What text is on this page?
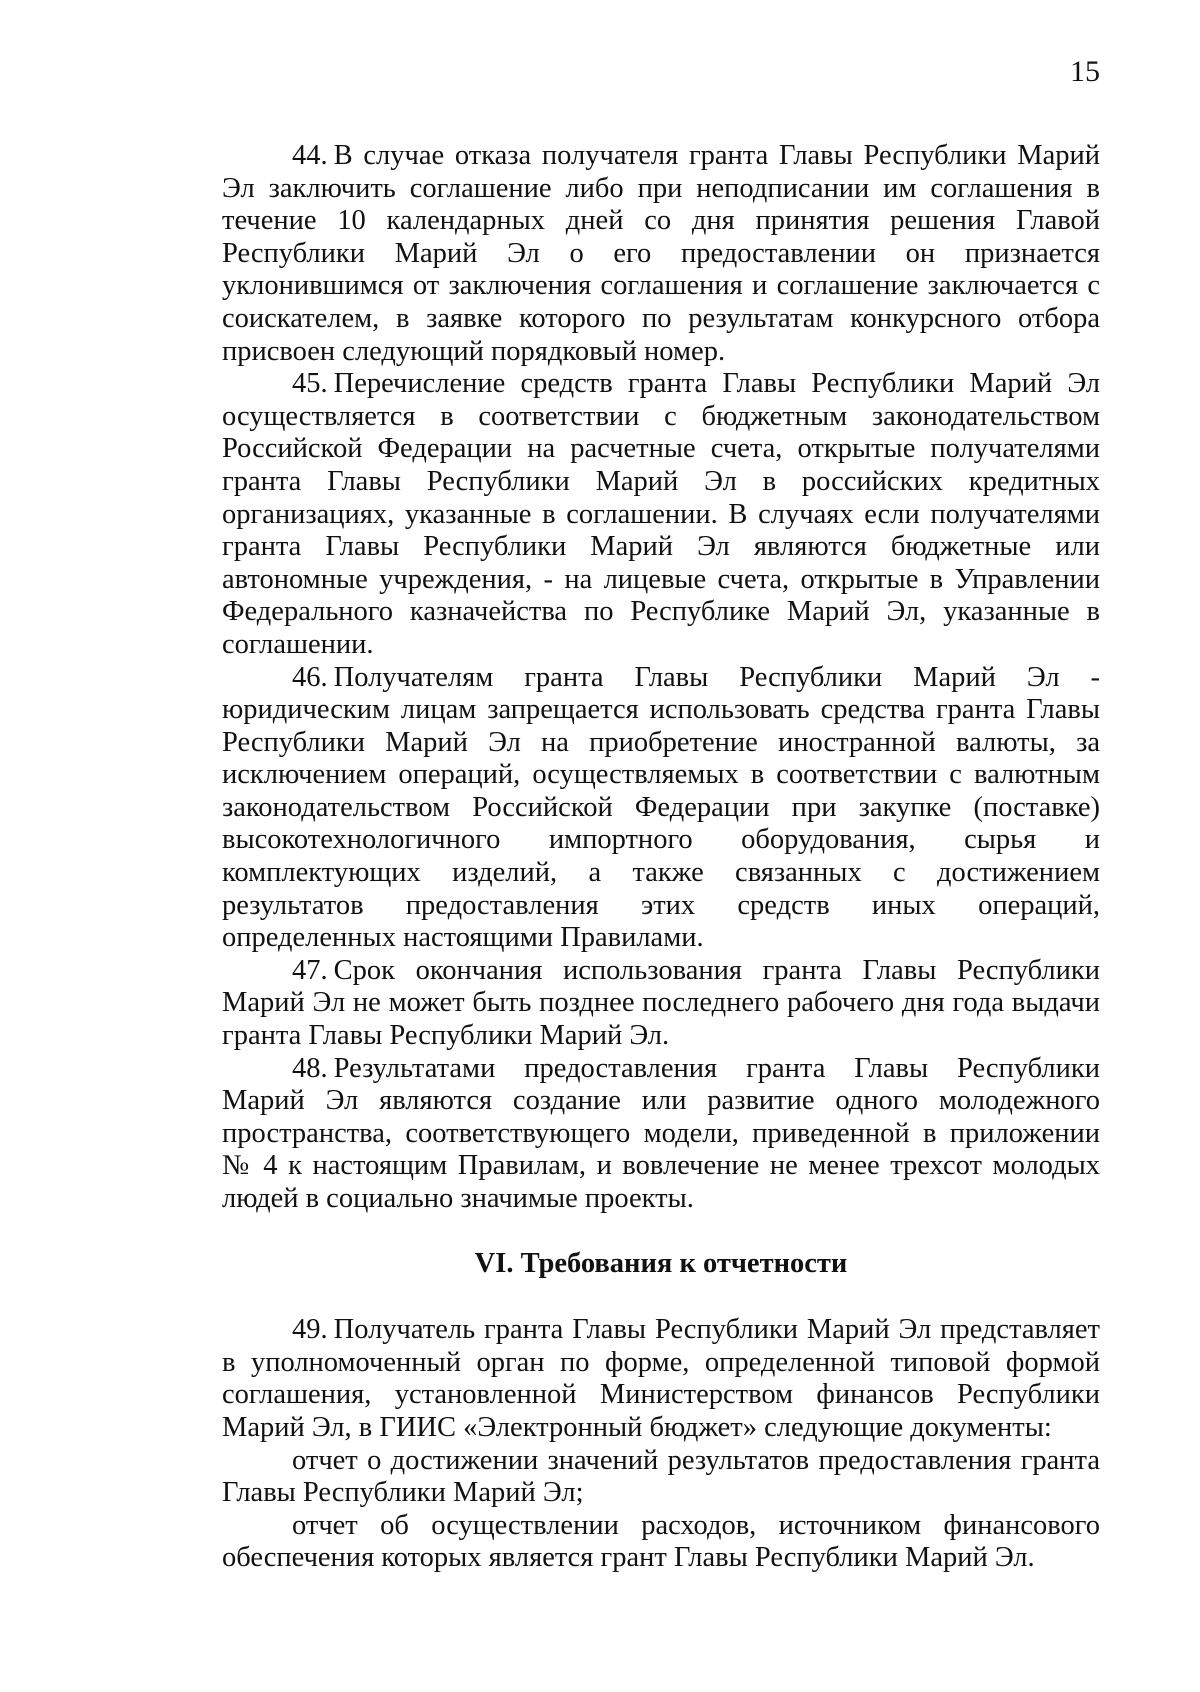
15

44. В случае отказа получателя гранта Главы Республики Марий Эл заключить соглашение либо при неподписании им соглашения в течение 10 календарных дней со дня принятия решения Главой Республики Марий Эл о его предоставлении он признается уклонившимся от заключения соглашения и соглашение заключается с соискателем, в заявке которого по результатам конкурсного отбора присвоен следующий порядковый номер.

45. Перечисление средств гранта Главы Республики Марий Эл осуществляется в соответствии с бюджетным законодательством Российской Федерации на расчетные счета, открытые получателями гранта Главы Республики Марий Эл в российских кредитных организациях, указанные в соглашении. В случаях если получателями гранта Главы Республики Марий Эл являются бюджетные или автономные учреждения, - на лицевые счета, открытые в Управлении Федерального казначейства по Республике Марий Эл, указанные в соглашении.

46. Получателям гранта Главы Республики Марий Эл - юридическим лицам запрещается использовать средства гранта Главы Республики Марий Эл на приобретение иностранной валюты, за исключением операций, осуществляемых в соответствии с валютным законодательством Российской Федерации при закупке (поставке) высокотехнологичного импортного оборудования, сырья и комплектующих изделий, а также связанных с достижением результатов предоставления этих средств иных операций, определенных настоящими Правилами.

47. Срок окончания использования гранта Главы Республики Марий Эл не может быть позднее последнего рабочего дня года выдачи гранта Главы Республики Марий Эл.

48. Результатами предоставления гранта Главы Республики Марий Эл являются создание или развитие одного молодежного пространства, соответствующего модели, приведенной в приложении № 4 к настоящим Правилам, и вовлечение не менее трехсот молодых людей в социально значимые проекты.

VI. Требования к отчетности

49. Получатель гранта Главы Республики Марий Эл представляет в уполномоченный орган по форме, определенной типовой формой соглашения, установленной Министерством финансов Республики Марий Эл, в ГИИС «Электронный бюджет» следующие документы:

отчет о достижении значений результатов предоставления гранта Главы Республики Марий Эл;

отчет об осуществлении расходов, источником финансового обеспечения которых является грант Главы Республики Марий Эл.
